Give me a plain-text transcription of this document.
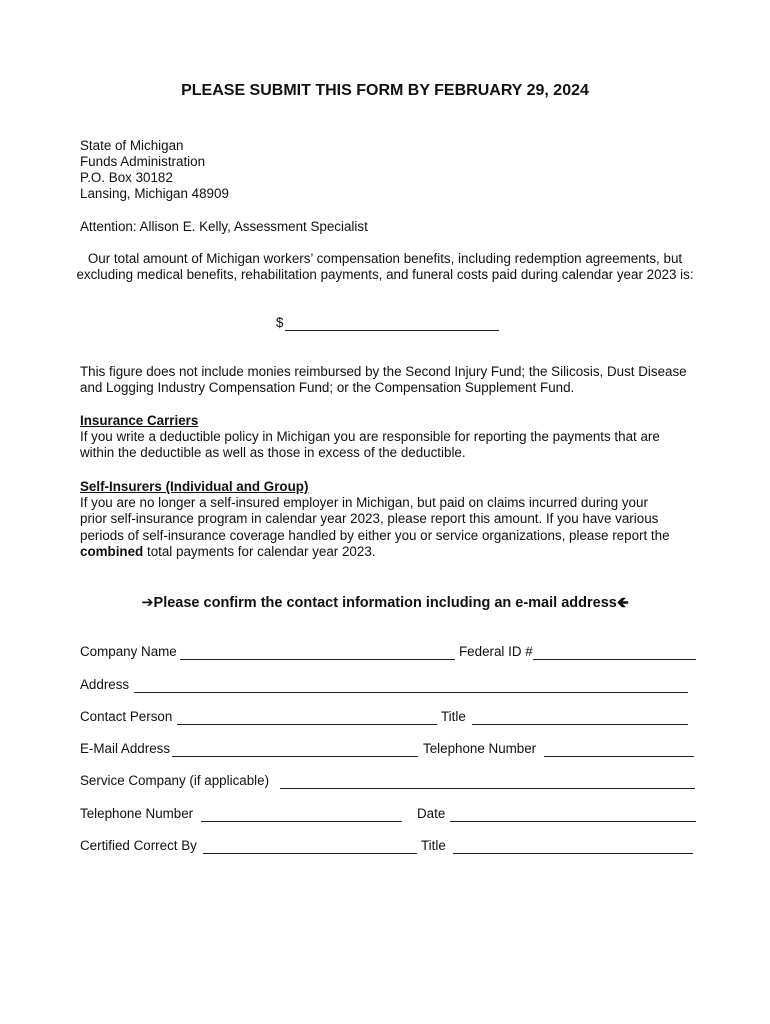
PLEASE SUBMIT THIS FORM BY FEBRUARY 29, 2024
State of Michigan
Funds Administration
P.O. Box 30182
Lansing, Michigan 48909
Attention: Allison E. Kelly, Assessment Specialist
Our total amount of Michigan workers’ compensation benefits, including redemption agreements, but
excluding medical benefits, rehabilitation payments, and funeral costs paid during calendar year 2023 is:
$
This figure does not include monies reimbursed by the Second Injury Fund; the Silicosis, Dust Disease
and Logging Industry Compensation Fund; or the Compensation Supplement Fund.
Insurance Carriers
If you write a deductible policy in Michigan you are responsible for reporting the payments that are
within the deductible as well as those in excess of the deductible.
Self-Insurers (Individual and Group)
If you are no longer a self-insured employer in Michigan, but paid on claims incurred during your
prior self-insurance program in calendar year 2023, please report this amount. If you have various
periods of self-insurance coverage handled by either you or service organizations, please report the
combined total payments for calendar year 2023.
➔Please confirm the contact information including an e-mail address🡸
Company Name	Federal ID #
Address
Contact Person	Title
E-Mail Address	Telephone Number
Service Company (if applicable)
Telephone Number	Date
Certified Correct By	Title
